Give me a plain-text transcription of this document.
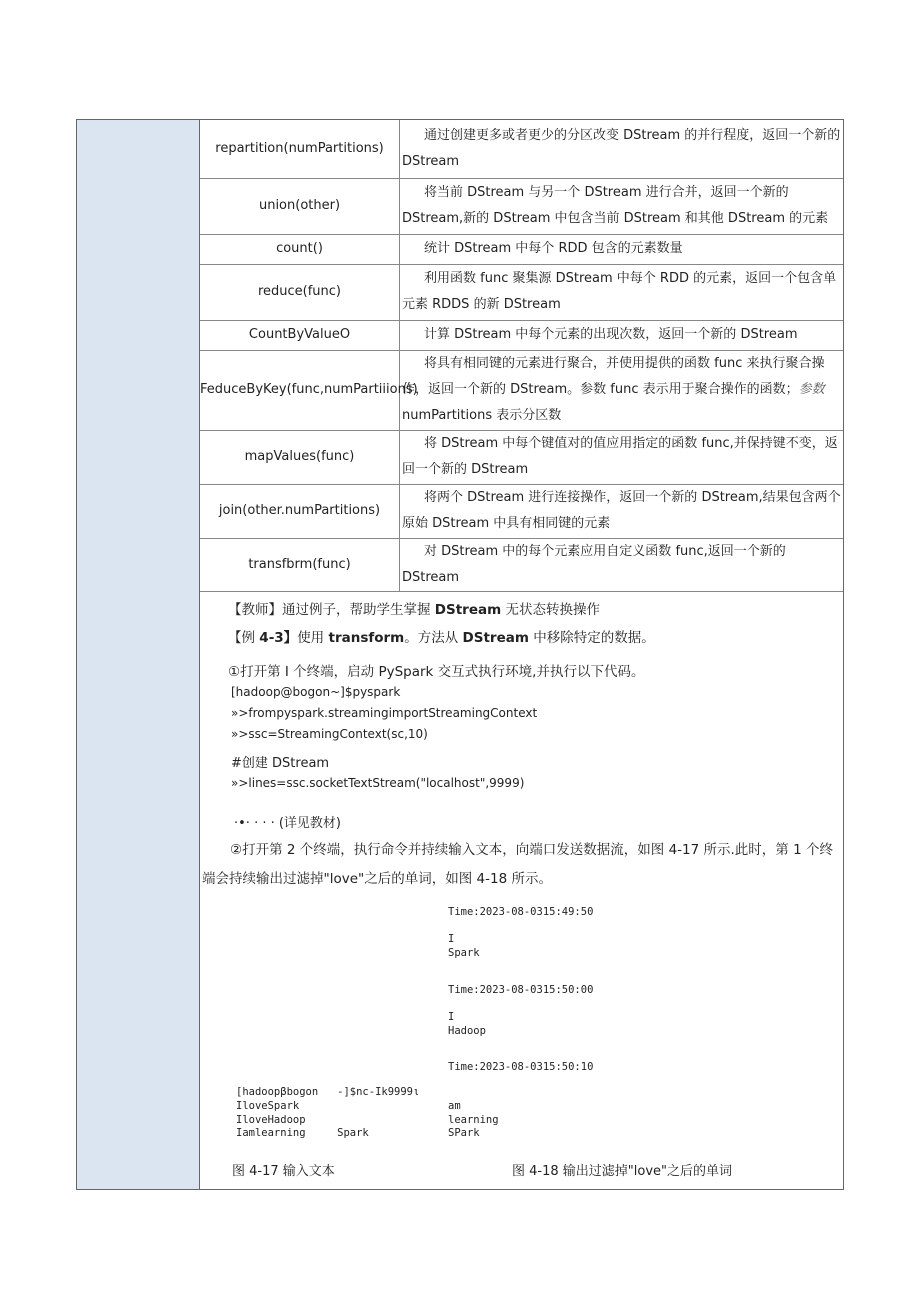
repartition(numPartitions)	通过创建更多或者更少的分区改变 DStream 的并行程度，返回一个新的 DStream
union(other)	将当前 DStream 与另一个 DStream 进行合并，返回一个新的 DStream,新的 DStream 中包含当前 DStream 和其他 DStream 的元素
count()	统计 DStream 中每个 RDD 包含的元素数量
reduce(func)	利用函数 func 聚集源 DStream 中每个 RDD 的元素，返回一个包含单元素 RDDS 的新 DStream
CountByValueO	计算 DStream 中每个元素的出现次数，返回一个新的 DStream
FeduceByKey(func,numPartiiions)	将具有相同键的元素进行聚合，并使用提供的函数 func 来执行聚合操作，返回一个新的 DStream。参数 func 表示用于聚合操作的函数；参数numPartitions 表示分区数
mapValues(func)	将 DStream 中每个键值对的值应用指定的函数 func,并保持键不变，返回一个新的 DStream
join(other.numPartitions)	将两个 DStream 进行连接操作，返回一个新的 DStream,结果包含两个原始 DStream 中具有相同键的元素
transfbrm(func)	对 DStream 中的每个元素应用自定义函数 func,返回一个新的 DStream
【教师】通过例子，帮助学生掌握 DStream 无状态转换操作
【例 4-3】使用 transform。方法从 DStream 中移除特定的数据。
①打开第 I 个终端，启动 PySpark 交互式执行环境,并执行以下代码。
[hadoop@bogon~]$pyspark
»>frompyspark.streamingimportStreamingContext
»>ssc=StreamingContext(sc,10)
#创建 DStream
»>lines=ssc.socketTextStream("localhost",9999)
·•· · · · (详见教材)
②打开第 2 个终端，执行命令并持续输入文本，向端口发送数据流，如图 4-17 所示.此时，第 1 个终端会持续输出过滤掉"love"之后的单词，如图 4-18 所示。
Time:2023-08-0315:49:50
I
Spark
Time:2023-08-0315:50:00
I
Hadoop
Time:2023-08-0315:50:10
[hadoopβbogon   -]$nc-Ik9999ι
IloveSpark
IloveHadoop
Iamlearning     Spark
am
learning
SPark
图 4-17 输入文本	图 4-18 输出过滤掉"love"之后的单词
